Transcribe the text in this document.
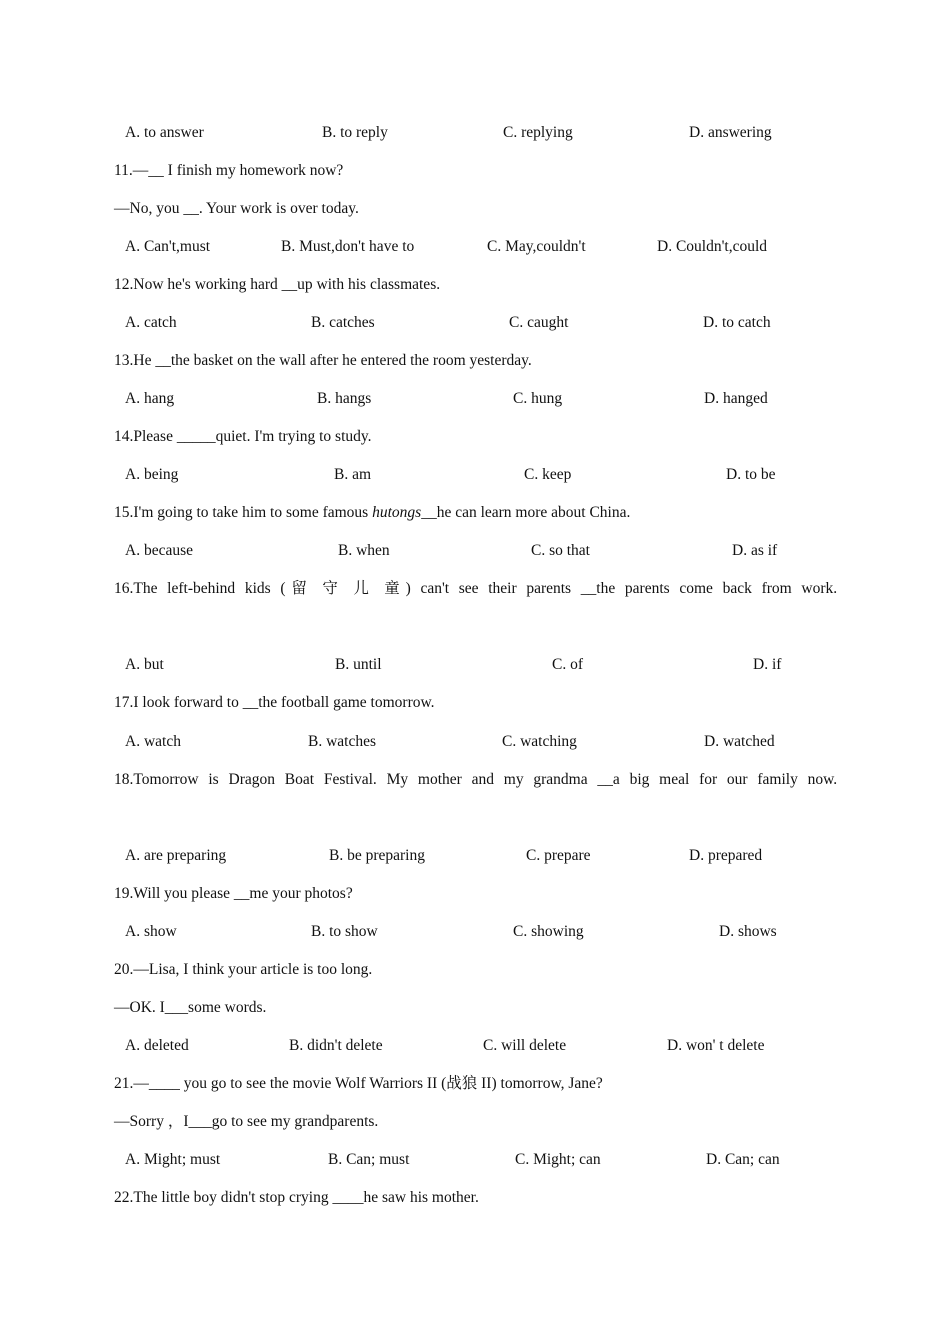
A. to answer	B. to reply	C. replying	D. answering
11.—__ I finish my homework now?
—No, you __. Your work is over today.
A. Can't,must	B. Must,don't have to	C. May,couldn't	D. Couldn't,could
12.Now he's working hard __up with his classmates.
A. catch	B. catches	C. caught	D. to catch
13.He __the basket on the wall after he entered the room yesterday.
A. hang	B. hangs	C. hung	D. hanged
14.Please _____quiet. I'm trying to study.
A. being	B. am	C. keep	D. to be
15.I'm going to take him to some famous hutongs__he can learn more about China.
A. because	B. when	C. so that	D. as if
16.The left-behind kids (留 守 儿 童) can't see their parents __the parents come back from work.
A. but	B. until	C. of	D. if
17.I look forward to __the football game tomorrow.
A. watch	B. watches	C. watching	D. watched
18.Tomorrow is Dragon Boat Festival. My mother and my grandma __a big meal for our family now.
A. are preparing	B. be preparing	C. prepare	D. prepared
19.Will you please __me your photos?
A. show	B. to show	C. showing	D. shows
20.—Lisa, I think your article is too long.
—OK. I___some words.
A. deleted	B. didn't delete	C. will delete	D. won' t delete
21.—____ you go to see the movie Wolf Warriors II (战狼 II) tomorrow, Jane?
—Sorry ，I___go to see my grandparents.
A. Might; must	B. Can; must	C. Might; can	D. Can; can
22.The little boy didn't stop crying ____he saw his mother.
